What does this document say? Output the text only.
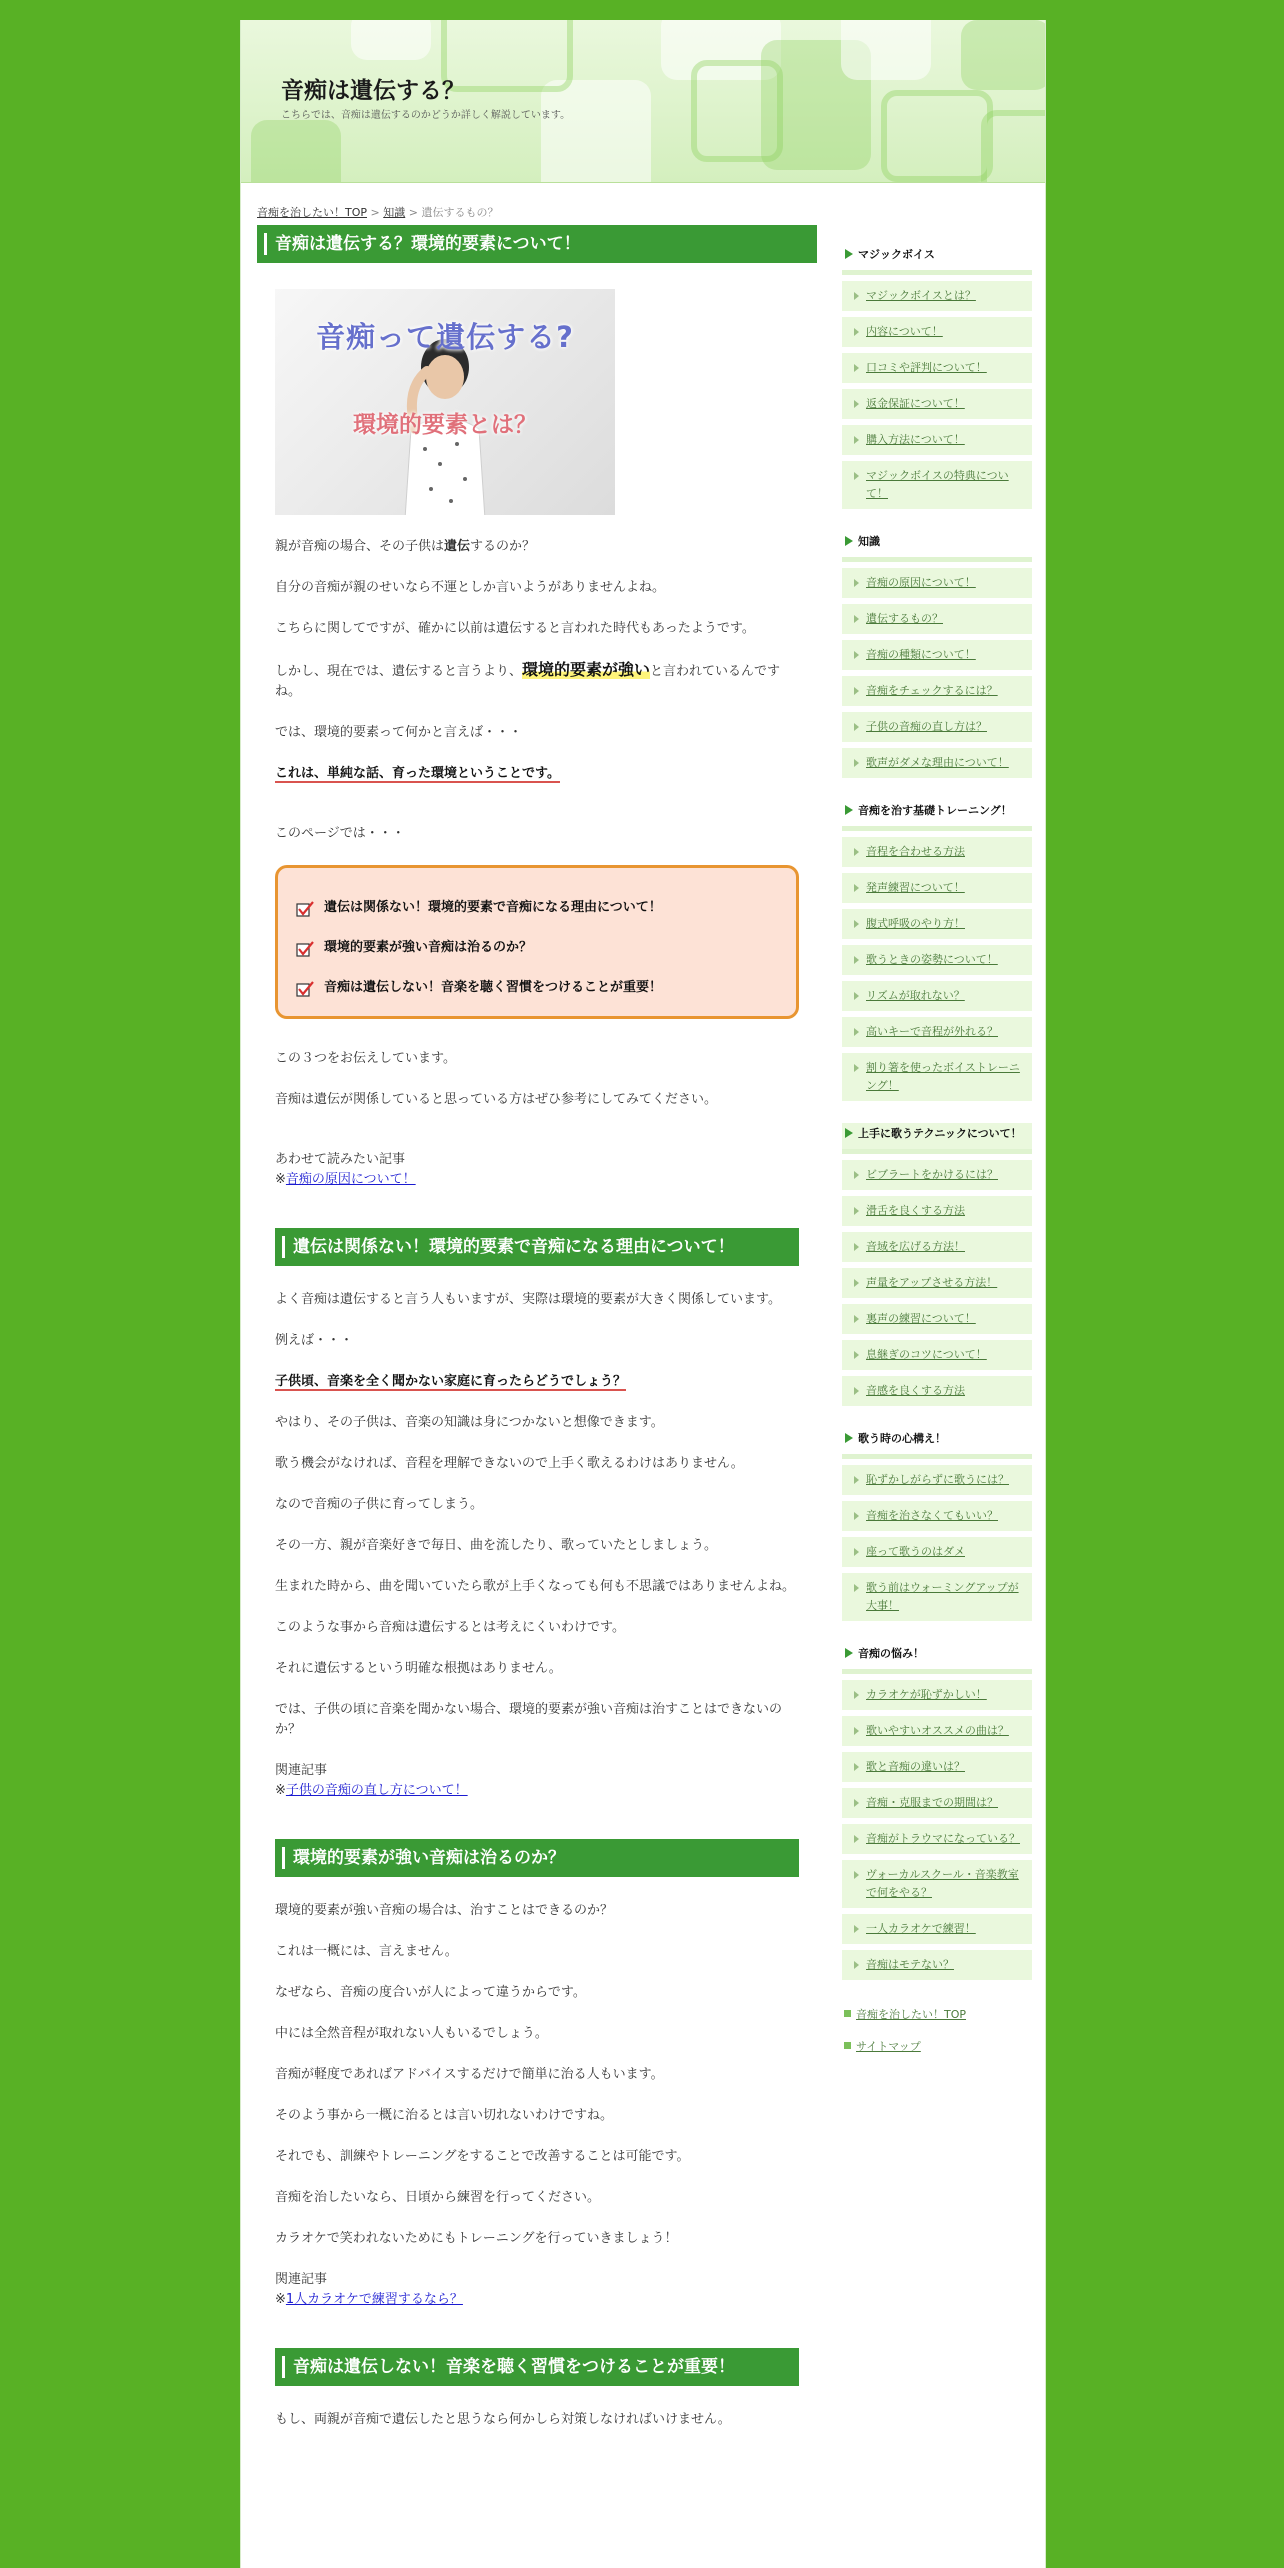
音痴は遺伝する？

こちらでは、音痴は遺伝するのかどうか詳しく解説しています。

音痴を治したい！TOP > 知識 > 遺伝するもの？
音痴は遺伝する？環境的要素について！
音痴って遺伝する?
環境的要素とは？

親が音痴の場合、その子供は遺伝するのか？

自分の音痴が親のせいなら不運としか言いようがありませんよね。

こちらに関してですが、確かに以前は遺伝すると言われた時代もあったようです。

しかし、現在では、遺伝すると言うより、環境的要素が強いと言われているんですね。

では、環境的要素って何かと言えば・・・

これは、単純な話、育った環境ということです。

このページでは・・・

遺伝は関係ない！環境的要素で音痴になる理由について！
環境的要素が強い音痴は治るのか？
音痴は遺伝しない！音楽を聴く習慣をつけることが重要！

この３つをお伝えしています。

音痴は遺伝が関係していると思っている方はぜひ参考にしてみてください。

あわせて読みたい記事
※音痴の原因について！

遺伝は関係ない！環境的要素で音痴になる理由について！

よく音痴は遺伝すると言う人もいますが、実際は環境的要素が大きく関係しています。

例えば・・・

子供頃、音楽を全く聞かない家庭に育ったらどうでしょう？

やはり、その子供は、音楽の知識は身につかないと想像できます。

歌う機会がなければ、音程を理解できないので上手く歌えるわけはありません。

なので音痴の子供に育ってしまう。

その一方、親が音楽好きで毎日、曲を流したり、歌っていたとしましょう。

生まれた時から、曲を聞いていたら歌が上手くなっても何も不思議ではありませんよね。

このような事から音痴は遺伝するとは考えにくいわけです。

それに遺伝するという明確な根拠はありません。

では、子供の頃に音楽を聞かない場合、環境的要素が強い音痴は治すことはできないのか？

関連記事
※子供の音痴の直し方について！

環境的要素が強い音痴は治るのか？

環境的要素が強い音痴の場合は、治すことはできるのか？

これは一概には、言えません。

なぜなら、音痴の度合いが人によって違うからです。

中には全然音程が取れない人もいるでしょう。

音痴が軽度であればアドバイスするだけで簡単に治る人もいます。

そのよう事から一概に治るとは言い切れないわけですね。

それでも、訓練やトレーニングをすることで改善することは可能です。

音痴を治したいなら、日頃から練習を行ってください。

カラオケで笑われないためにもトレーニングを行っていきましょう！

関連記事
※1人カラオケで練習するなら？

音痴は遺伝しない！音楽を聴く習慣をつけることが重要！

もし、両親が音痴で遺伝したと思うなら何かしら対策しなければいけません。

マジックボイス
マジックボイスとは？
内容について！
口コミや評判について！
返金保証について！
購入方法について！
マジックボイスの特典について！
知識
音痴の原因について！
遺伝するもの？
音痴の種類について！
音痴をチェックするには？
子供の音痴の直し方は？
歌声がダメな理由について！
音痴を治す基礎トレーニング！
音程を合わせる方法
発声練習について！
腹式呼吸のやり方！
歌うときの姿勢について！
リズムが取れない？
高いキーで音程が外れる？
割り箸を使ったボイストレーニング！
上手に歌うテクニックについて！
ビブラートをかけるには？
滑舌を良くする方法
音域を広げる方法！
声量をアップさせる方法！
裏声の練習について！
息継ぎのコツについて！
音感を良くする方法
歌う時の心構え！
恥ずかしがらずに歌うには？
音痴を治さなくてもいい？
座って歌うのはダメ
歌う前はウォーミングアップが大事！
音痴の悩み！
カラオケが恥ずかしい！
歌いやすいオススメの曲は？
歌と音痴の違いは？
音痴・克服までの期間は？
音痴がトラウマになっている？
ヴォーカルスクール・音楽教室で何をやる？
一人カラオケで練習！
音痴はモテない？
音痴を治したい！TOP
サイトマップ
